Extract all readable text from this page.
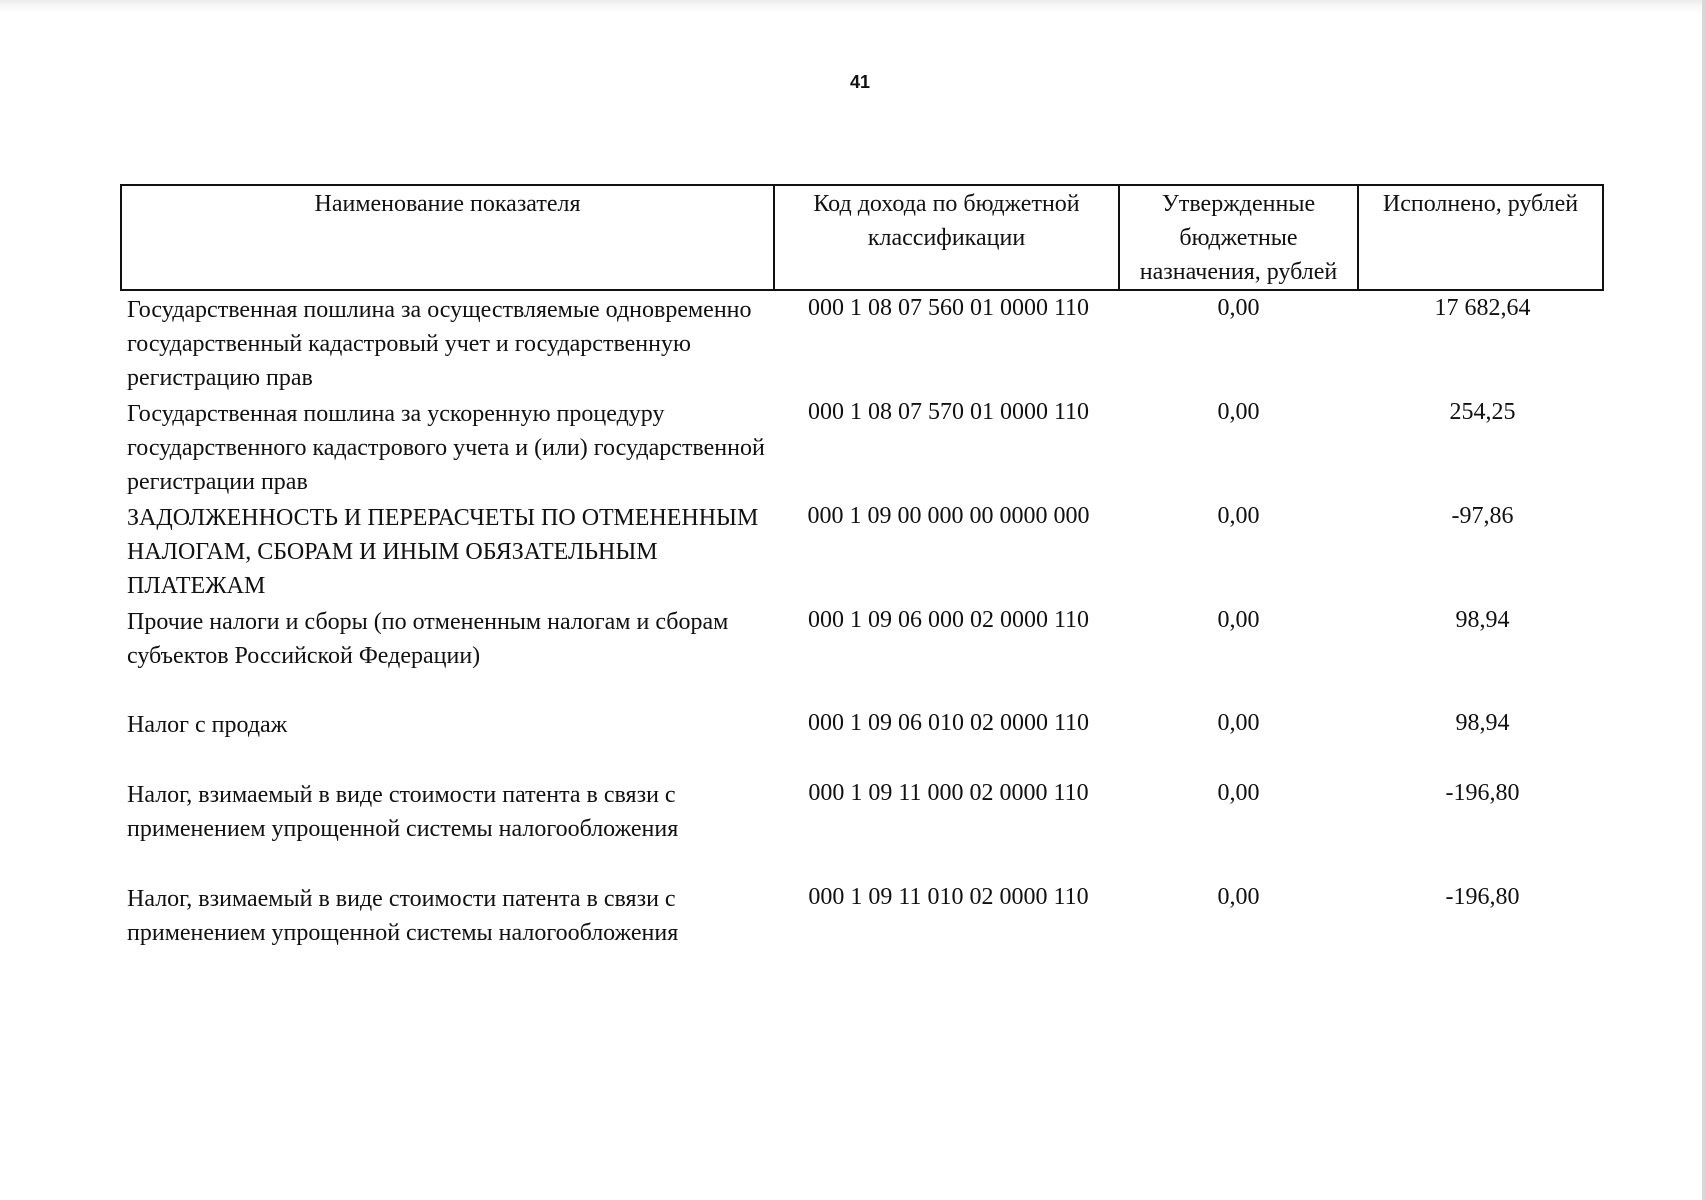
41
Наименование показателя	Код дохода по бюджетной классификации	Утвержденные бюджетные назначения, рублей	Исполнено, рублей

Государственная пошлина за осуществляемые одновременно государственный кадастровый учет и государственную регистрацию прав	000 1 08 07 560 01 0000 110	0,00	17 682,64

Государственная пошлина за ускоренную процедуру государственного кадастрового учета и (или) государственной регистрации прав	000 1 08 07 570 01 0000 110	0,00	254,25

ЗАДОЛЖЕННОСТЬ И ПЕРЕРАСЧЕТЫ ПО ОТМЕНЕННЫМ НАЛОГАМ, СБОРАМ И ИНЫМ ОБЯЗАТЕЛЬНЫМ ПЛАТЕЖАМ	000 1 09 00 000 00 0000 000	0,00	-97,86

Прочие налоги и сборы (по отмененным налогам и сборам субъектов Российской Федерации)	000 1 09 06 000 02 0000 110	0,00	98,94

Налог с продаж	000 1 09 06 010 02 0000 110	0,00	98,94

Налог, взимаемый в виде стоимости патента в связи с применением упрощенной системы налогообложения	000 1 09 11 000 02 0000 110	0,00	-196,80

Налог, взимаемый в виде стоимости патента в связи с применением упрощенной системы налогообложения	000 1 09 11 010 02 0000 110	0,00	-196,80
